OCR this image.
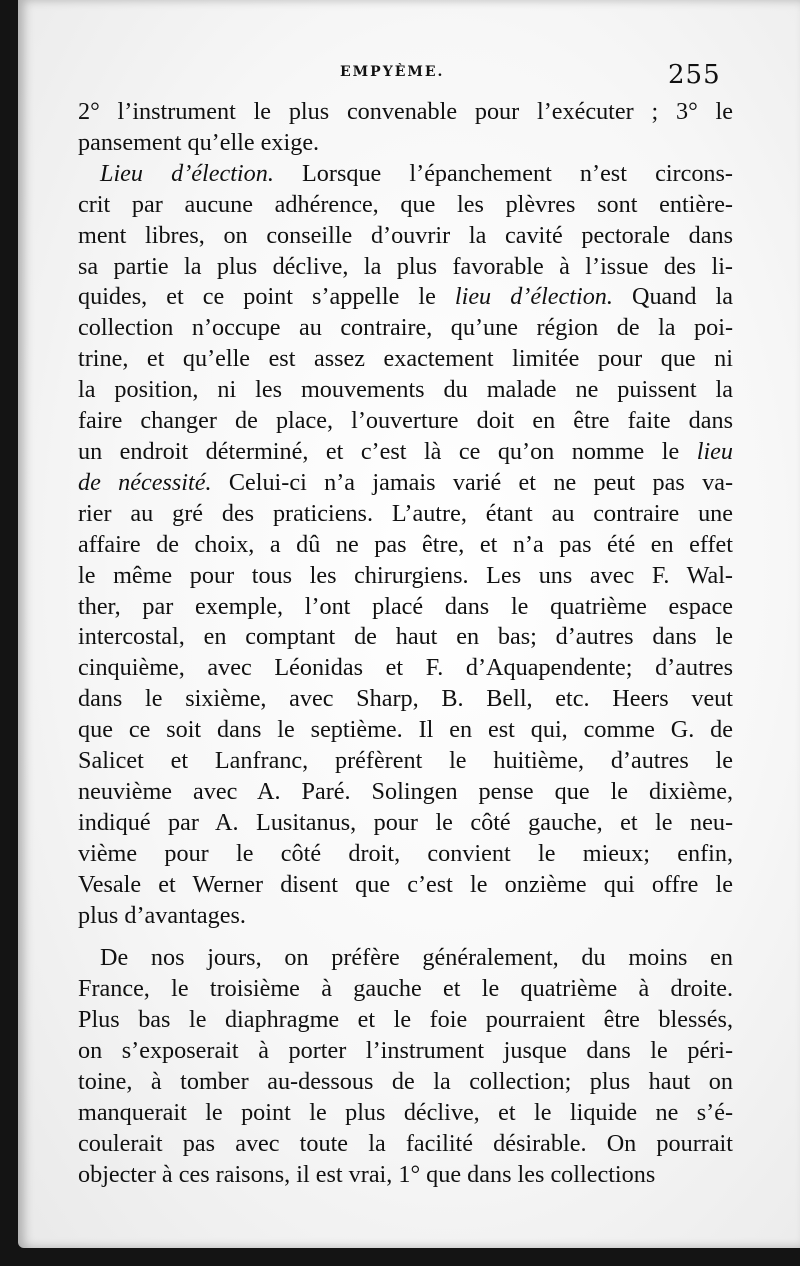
EMPYÈME.	255
2° l’instrument le plus convenable pour l’exécuter ; 3° le
pansement qu’elle exige.
Lieu d’élection. Lorsque l’épanchement n’est circons-
crit par aucune adhérence, que les plèvres sont entière-
ment libres, on conseille d’ouvrir la cavité pectorale dans
sa partie la plus déclive, la plus favorable à l’issue des li-
quides, et ce point s’appelle le lieu d’élection. Quand la
collection n’occupe au contraire, qu’une région de la poi-
trine, et qu’elle est assez exactement limitée pour que ni
la position, ni les mouvements du malade ne puissent la
faire changer de place, l’ouverture doit en être faite dans
un endroit déterminé, et c’est là ce qu’on nomme le lieu
de nécessité. Celui-ci n’a jamais varié et ne peut pas va-
rier au gré des praticiens. L’autre, étant au contraire une
affaire de choix, a dû ne pas être, et n’a pas été en effet
le même pour tous les chirurgiens. Les uns avec F. Wal-
ther, par exemple, l’ont placé dans le quatrième espace
intercostal, en comptant de haut en bas; d’autres dans le
cinquième, avec Léonidas et F. d’Aquapendente; d’autres
dans le sixième, avec Sharp, B. Bell, etc. Heers veut
que ce soit dans le septième. Il en est qui, comme G. de
Salicet et Lanfranc, préfèrent le huitième, d’autres le
neuvième avec A. Paré. Solingen pense que le dixième,
indiqué par A. Lusitanus, pour le côté gauche, et le neu-
vième pour le côté droit, convient le mieux; enfin,
Vesale et Werner disent que c’est le onzième qui offre le
plus d’avantages.
De nos jours, on préfère généralement, du moins en
France, le troisième à gauche et le quatrième à droite.
Plus bas le diaphragme et le foie pourraient être blessés,
on s’exposerait à porter l’instrument jusque dans le péri-
toine, à tomber au-dessous de la collection; plus haut on
manquerait le point le plus déclive, et le liquide ne s’é-
coulerait pas avec toute la facilité désirable. On pourrait
objecter à ces raisons, il est vrai, 1° que dans les collections
